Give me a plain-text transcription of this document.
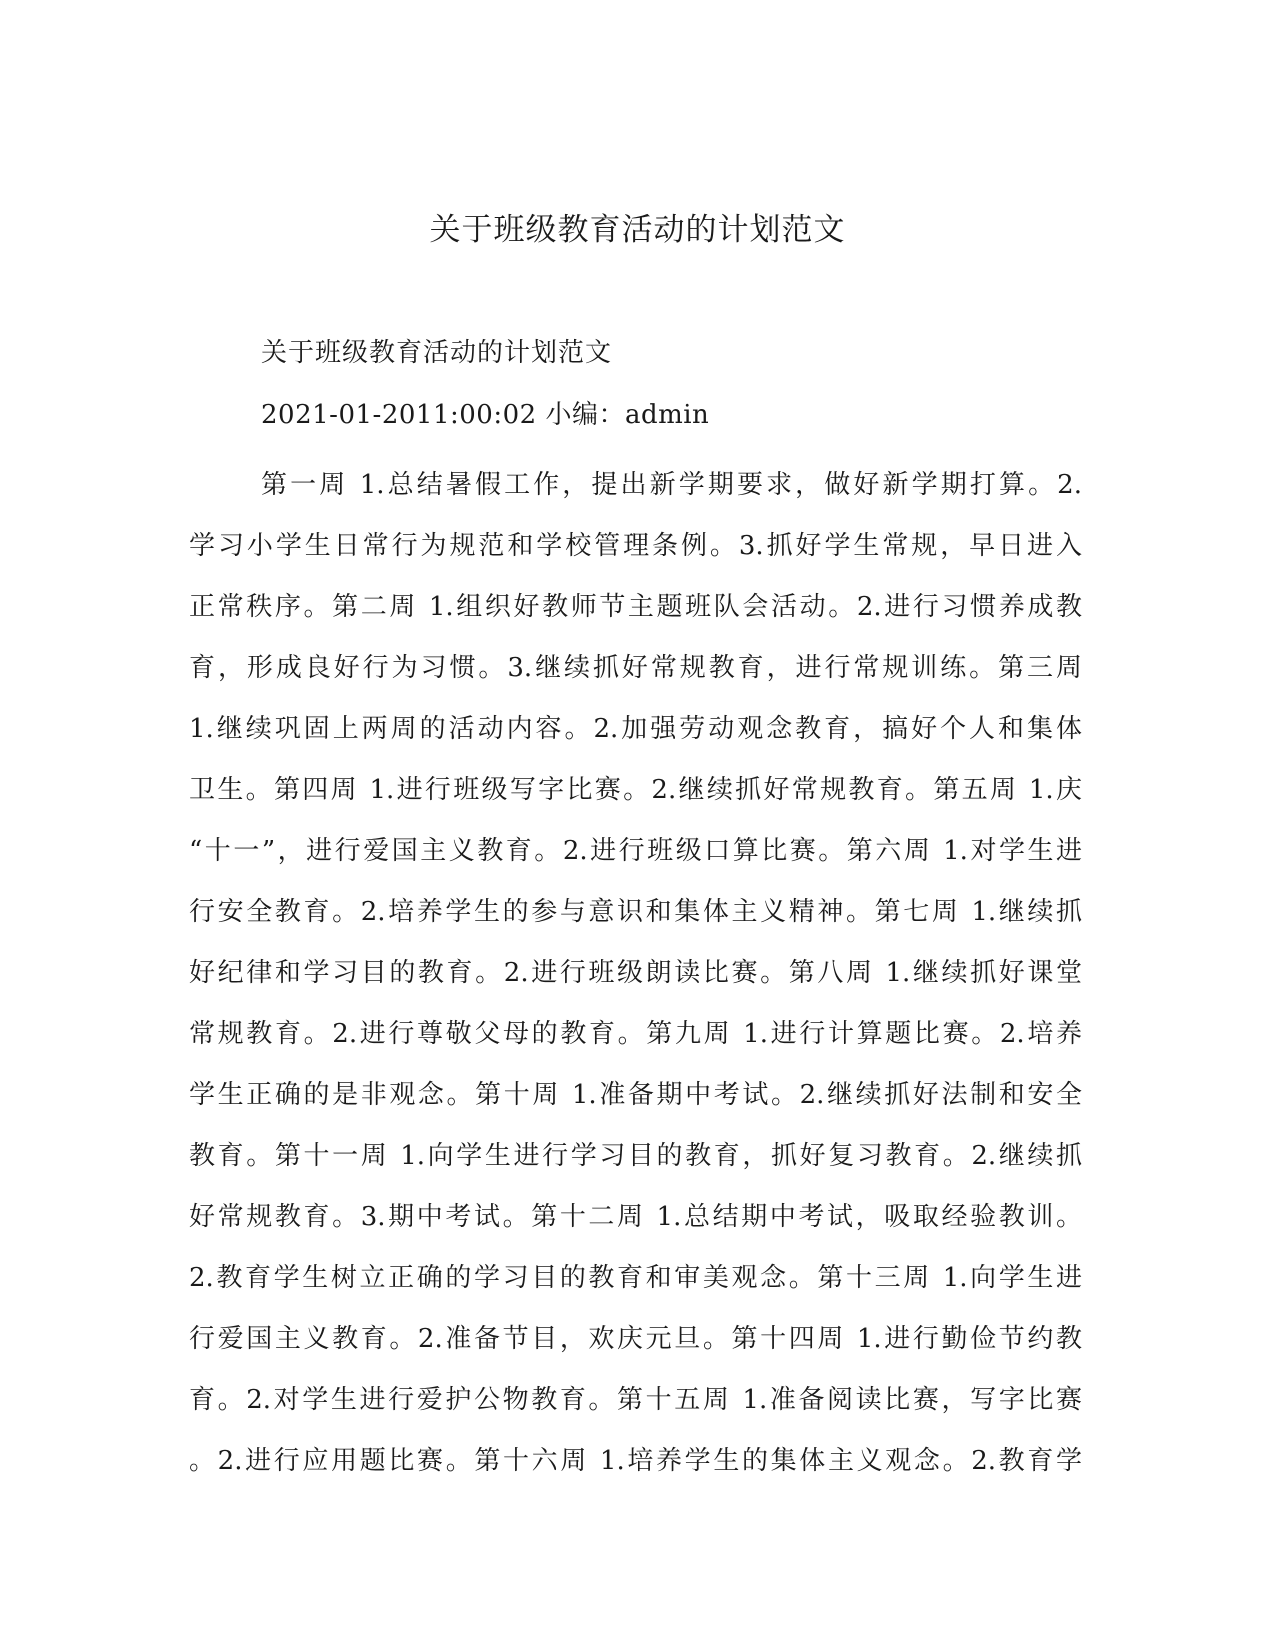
关于班级教育活动的计划范文
关于班级教育活动的计划范文
2021-01-2011:00:02 小编：admin
第一周 1.总结暑假工作，提出新学期要求，做好新学期打算。2.
学习小学生日常行为规范和学校管理条例。3.抓好学生常规，早日进入
正常秩序。第二周 1.组织好教师节主题班队会活动。2.进行习惯养成教
育，形成良好行为习惯。3.继续抓好常规教育，进行常规训练。第三周
1.继续巩固上两周的活动内容。2.加强劳动观念教育，搞好个人和集体
卫生。第四周 1.进行班级写字比赛。2.继续抓好常规教育。第五周 1.庆
“十一”，进行爱国主义教育。2.进行班级口算比赛。第六周 1.对学生进
行安全教育。2.培养学生的参与意识和集体主义精神。第七周 1.继续抓
好纪律和学习目的教育。2.进行班级朗读比赛。第八周 1.继续抓好课堂
常规教育。2.进行尊敬父母的教育。第九周 1.进行计算题比赛。2.培养
学生正确的是非观念。第十周 1.准备期中考试。2.继续抓好法制和安全
教育。第十一周 1.向学生进行学习目的教育，抓好复习教育。2.继续抓
好常规教育。3.期中考试。第十二周 1.总结期中考试，吸取经验教训。
2.教育学生树立正确的学习目的教育和审美观念。第十三周 1.向学生进
行爱国主义教育。2.准备节目，欢庆元旦。第十四周 1.进行勤俭节约教
育。2.对学生进行爱护公物教育。第十五周 1.准备阅读比赛，写字比赛
。2.进行应用题比赛。第十六周 1.培养学生的集体主义观念。2.教育学
